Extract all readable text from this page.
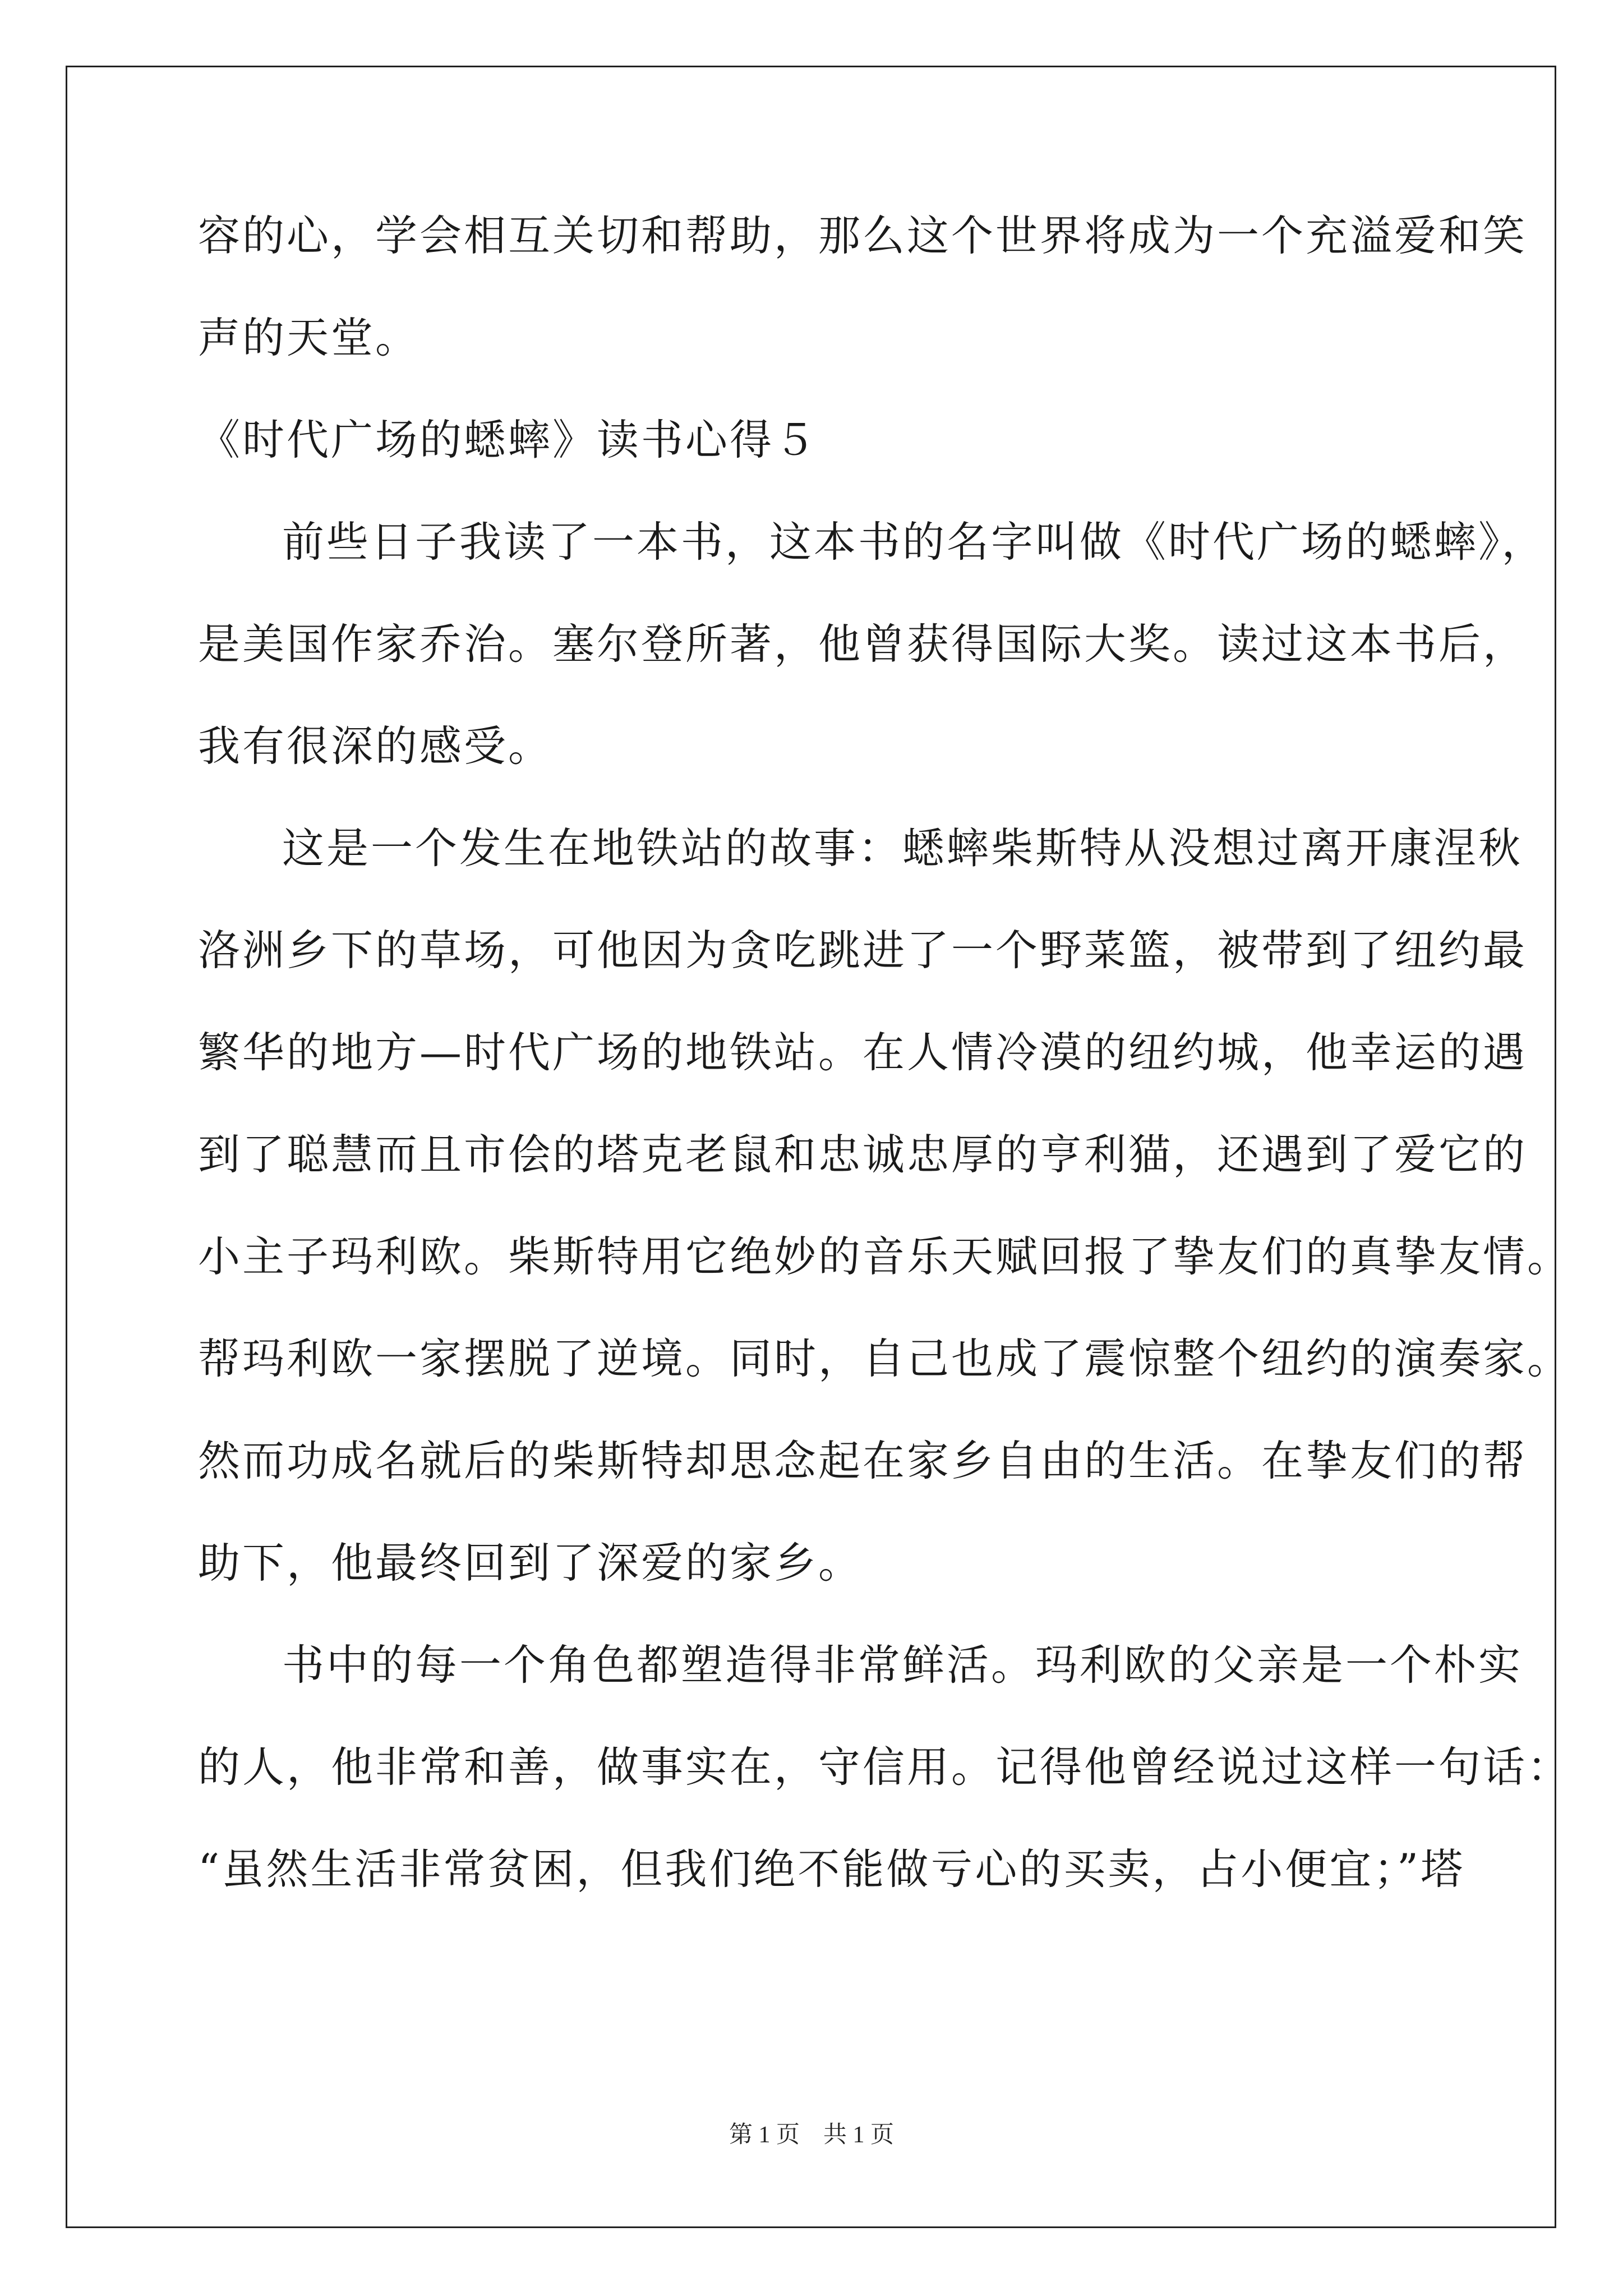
容的心，学会相互关切和帮助，那么这个世界将成为一个充溢爱和笑
声的天堂。
《时代广场的蟋蟀》读书心得５
前些日子我读了一本书，这本书的名字叫做《时代广场的蟋蟀》，
是美国作家乔治。塞尔登所著，他曾获得国际大奖。读过这本书后，
我有很深的感受。
这是一个发生在地铁站的故事：蟋蟀柴斯特从没想过离开康涅秋
洛洲乡下的草场，可他因为贪吃跳进了一个野菜篮，被带到了纽约最
繁华的地方—时代广场的地铁站。在人情冷漠的纽约城，他幸运的遇
到了聪慧而且市侩的塔克老鼠和忠诚忠厚的亨利猫，还遇到了爱它的
小主子玛利欧。柴斯特用它绝妙的音乐天赋回报了挚友们的真挚友情。
帮玛利欧一家摆脱了逆境。同时，自己也成了震惊整个纽约的演奏家。
然而功成名就后的柴斯特却思念起在家乡自由的生活。在挚友们的帮
助下，他最终回到了深爱的家乡。
书中的每一个角色都塑造得非常鲜活。玛利欧的父亲是一个朴实
的人，他非常和善，做事实在，守信用。记得他曾经说过这样一句话：
“虽然生活非常贫困，但我们绝不能做亏心的买卖，占小便宜；”塔
第 1 页　共 1 页
